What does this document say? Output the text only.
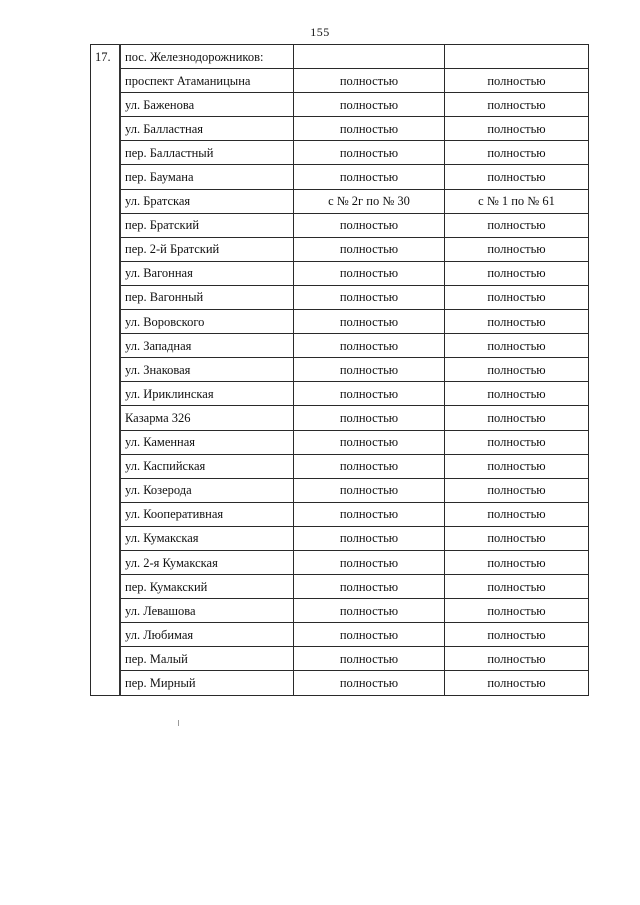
155
17.	пос. Железнодорожников:		
	проспект Атаманицына	полностью	полностью
	ул. Баженова	полностью	полностью
	ул. Балластная	полностью	полностью
	пер. Балластный	полностью	полностью
	пер. Баумана	полностью	полностью
	ул. Братская	с № 2г по № 30	с № 1 по № 61
	пер. Братский	полностью	полностью
	пер. 2-й Братский	полностью	полностью
	ул. Вагонная	полностью	полностью
	пер. Вагонный	полностью	полностью
	ул. Воровского	полностью	полностью
	ул. Западная	полностью	полностью
	ул. Знаковая	полностью	полностью
	ул. Ириклинская	полностью	полностью
	Казарма 326	полностью	полностью
	ул. Каменная	полностью	полностью
	ул. Каспийская	полностью	полностью
	ул. Козерода	полностью	полностью
	ул. Кооперативная	полностью	полностью
	ул. Кумакская	полностью	полностью
	ул. 2-я Кумакская	полностью	полностью
	пер. Кумакский	полностью	полностью
	ул. Левашова	полностью	полностью
	ул. Любимая	полностью	полностью
	пер. Малый	полностью	полностью
	пер. Мирный	полностью	полностью
